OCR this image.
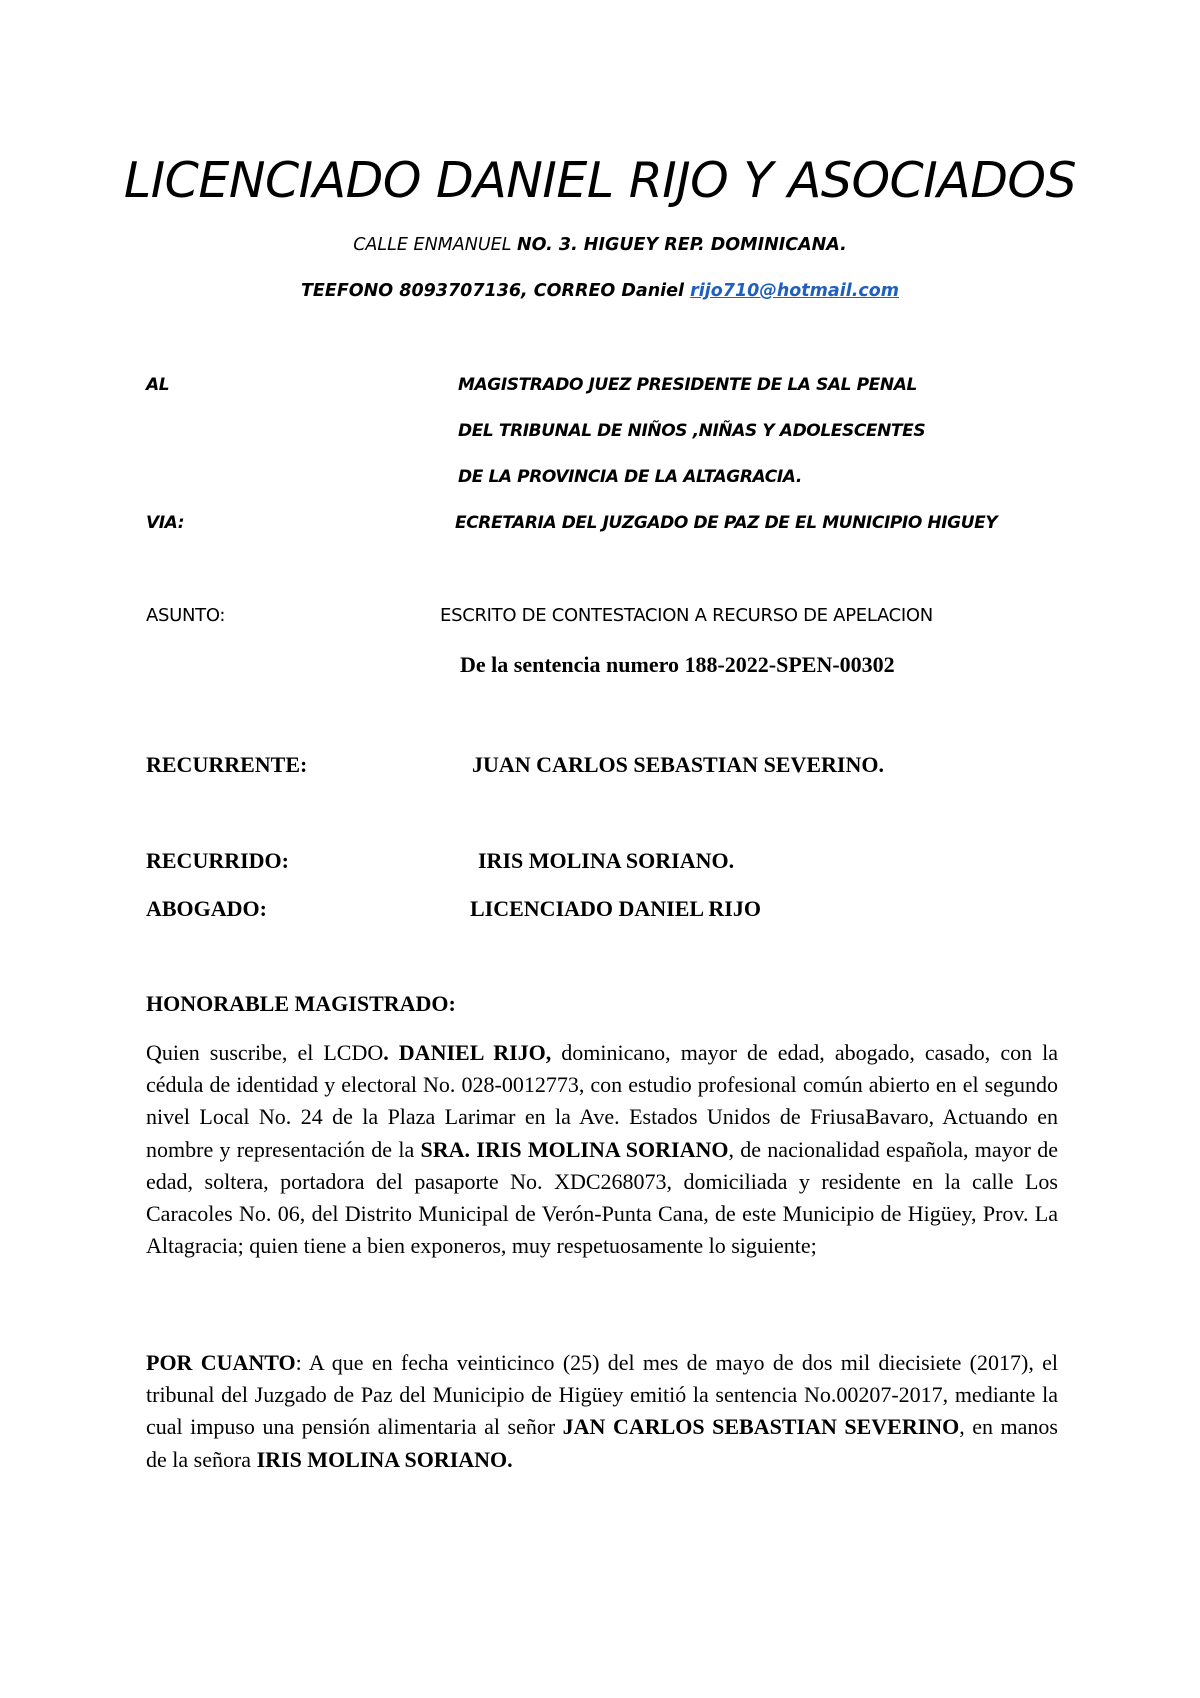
LICENCIADO DANIEL RIJO Y ASOCIADOS
CALLE ENMANUEL NO. 3. HIGUEY REP. DOMINICANA.
TEEFONO 8093707136, CORREO Daniel rijo710@hotmail.com
AL	MAGISTRADO JUEZ PRESIDENTE DE LA SAL PENAL
DEL TRIBUNAL DE NIÑOS ,NIÑAS Y ADOLESCENTES
DE LA PROVINCIA DE LA ALTAGRACIA.
VIA:	ECRETARIA DEL JUZGADO DE PAZ DE EL MUNICIPIO HIGUEY
ASUNTO:	ESCRITO DE CONTESTACION A RECURSO DE APELACION
De la sentencia numero 188-2022-SPEN-00302
RECURRENTE:	JUAN CARLOS SEBASTIAN SEVERINO.
RECURRIDO:	IRIS MOLINA SORIANO.
ABOGADO:	LICENCIADO DANIEL RIJO
HONORABLE MAGISTRADO:

Quien suscribe, el LCDO. DANIEL RIJO, dominicano, mayor de edad, abogado, casado, con la cédula de identidad y electoral No. 028-0012773, con estudio profesional común abierto en el segundo nivel Local No. 24 de la Plaza Larimar en la Ave. Estados Unidos de FriusaBavaro, Actuando en nombre y representación de la SRA. IRIS MOLINA SORIANO, de nacionalidad española, mayor de edad, soltera, portadora del pasaporte No. XDC268073, domiciliada y residente en la calle Los Caracoles No. 06, del Distrito Municipal de Verón-Punta Cana, de este Municipio de Higüey, Prov. La Altagracia; quien tiene a bien exponeros, muy respetuosamente lo siguiente;

POR CUANTO: A que en fecha veinticinco (25) del mes de mayo de dos mil diecisiete (2017), el tribunal del Juzgado de Paz del Municipio de Higüey emitió la sentencia No.00207-2017, mediante la cual impuso una pensión alimentaria al señor JAN CARLOS SEBASTIAN SEVERINO, en manos de la señora IRIS MOLINA SORIANO.
